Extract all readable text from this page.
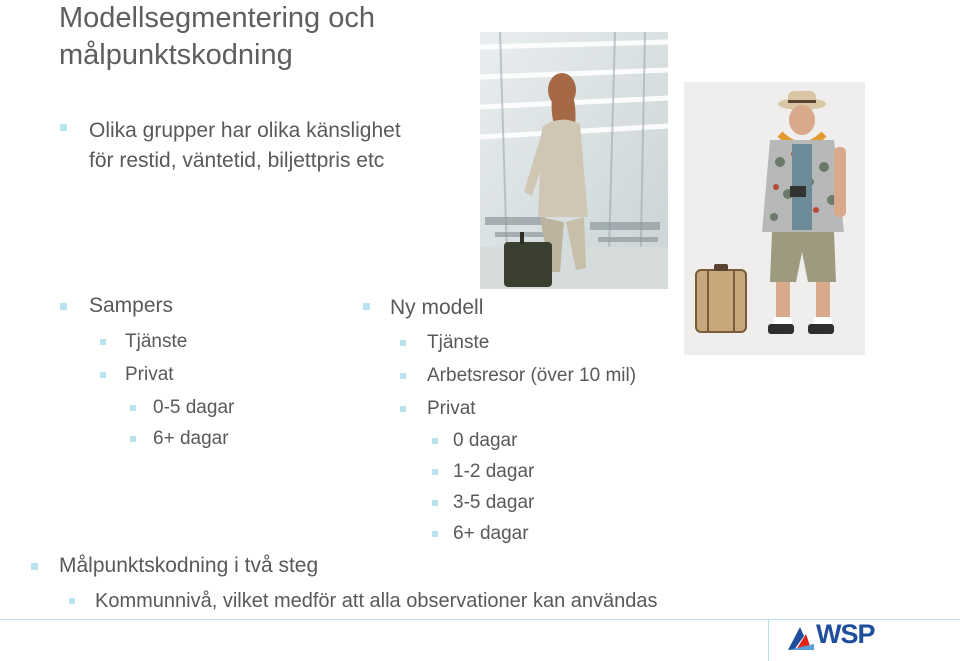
Modellsegmentering och målpunktskodning
Olika grupper har olika känslighet
för restid, väntetid, biljettpris etc
Sampers
Tjänste
Privat
0-5 dagar
6+ dagar
Ny modell
Tjänste
Arbetsresor (över 10 mil)
Privat
0 dagar
1-2 dagar
3-5 dagar
6+ dagar
Målpunktskodning i två steg
Kommunnivå, vilket medför att alla observationer kan användas
WSP
